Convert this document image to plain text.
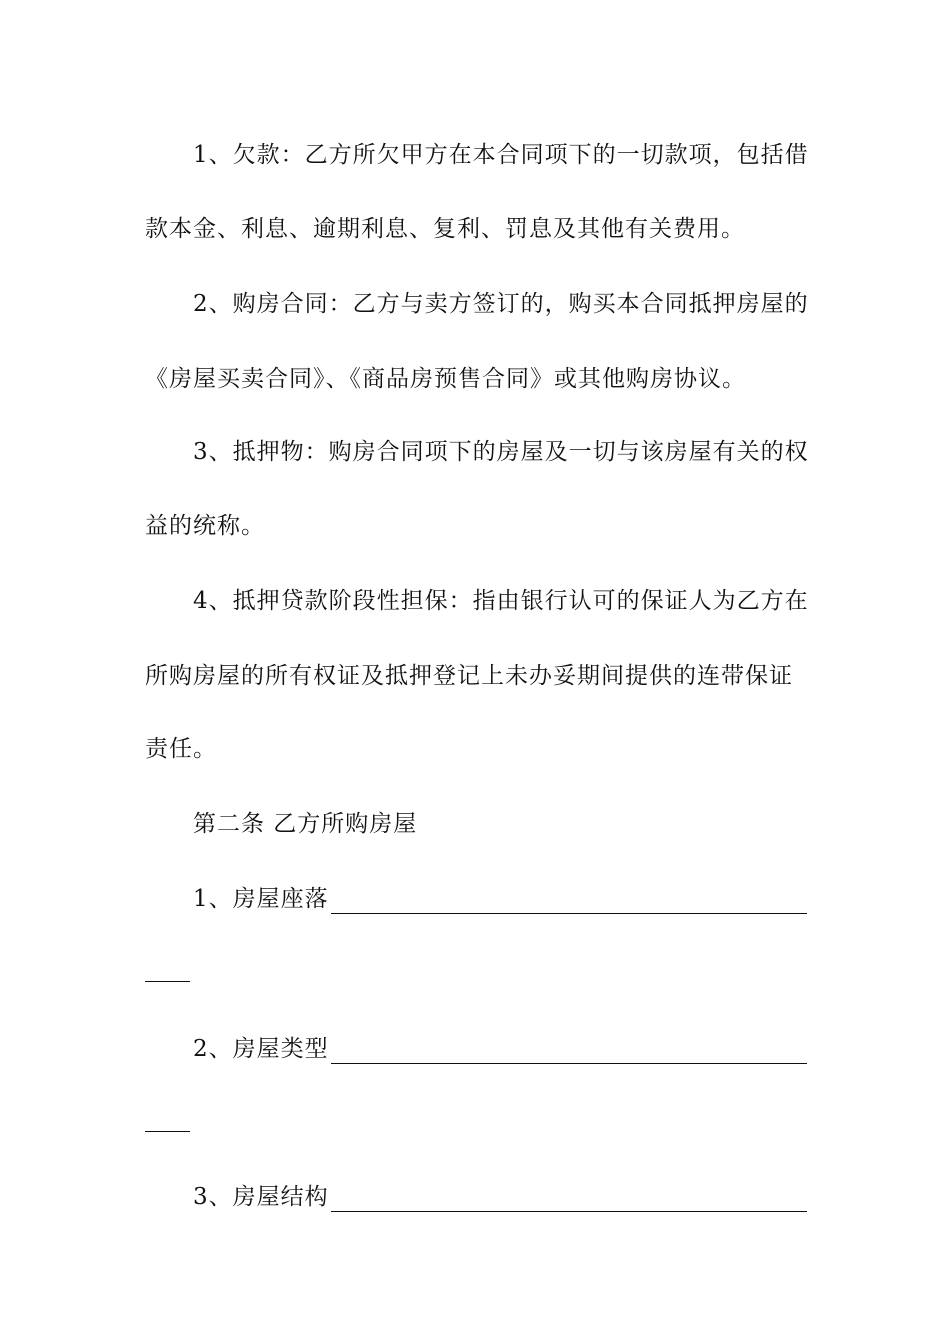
1、欠款：乙方所欠甲方在本合同项下的一切款项，包括借
款本金、利息、逾期利息、复利、罚息及其他有关费用。
2、购房合同：乙方与卖方签订的，购买本合同抵押房屋的
《房屋买卖合同》、《商品房预售合同》或其他购房协议。
3、抵押物：购房合同项下的房屋及一切与该房屋有关的权
益的统称。
4、抵押贷款阶段性担保：指由银行认可的保证人为乙方在
所购房屋的所有权证及抵押登记上未办妥期间提供的连带保证
责任。
第二条 乙方所购房屋
1、房屋座落
2、房屋类型
3、房屋结构
